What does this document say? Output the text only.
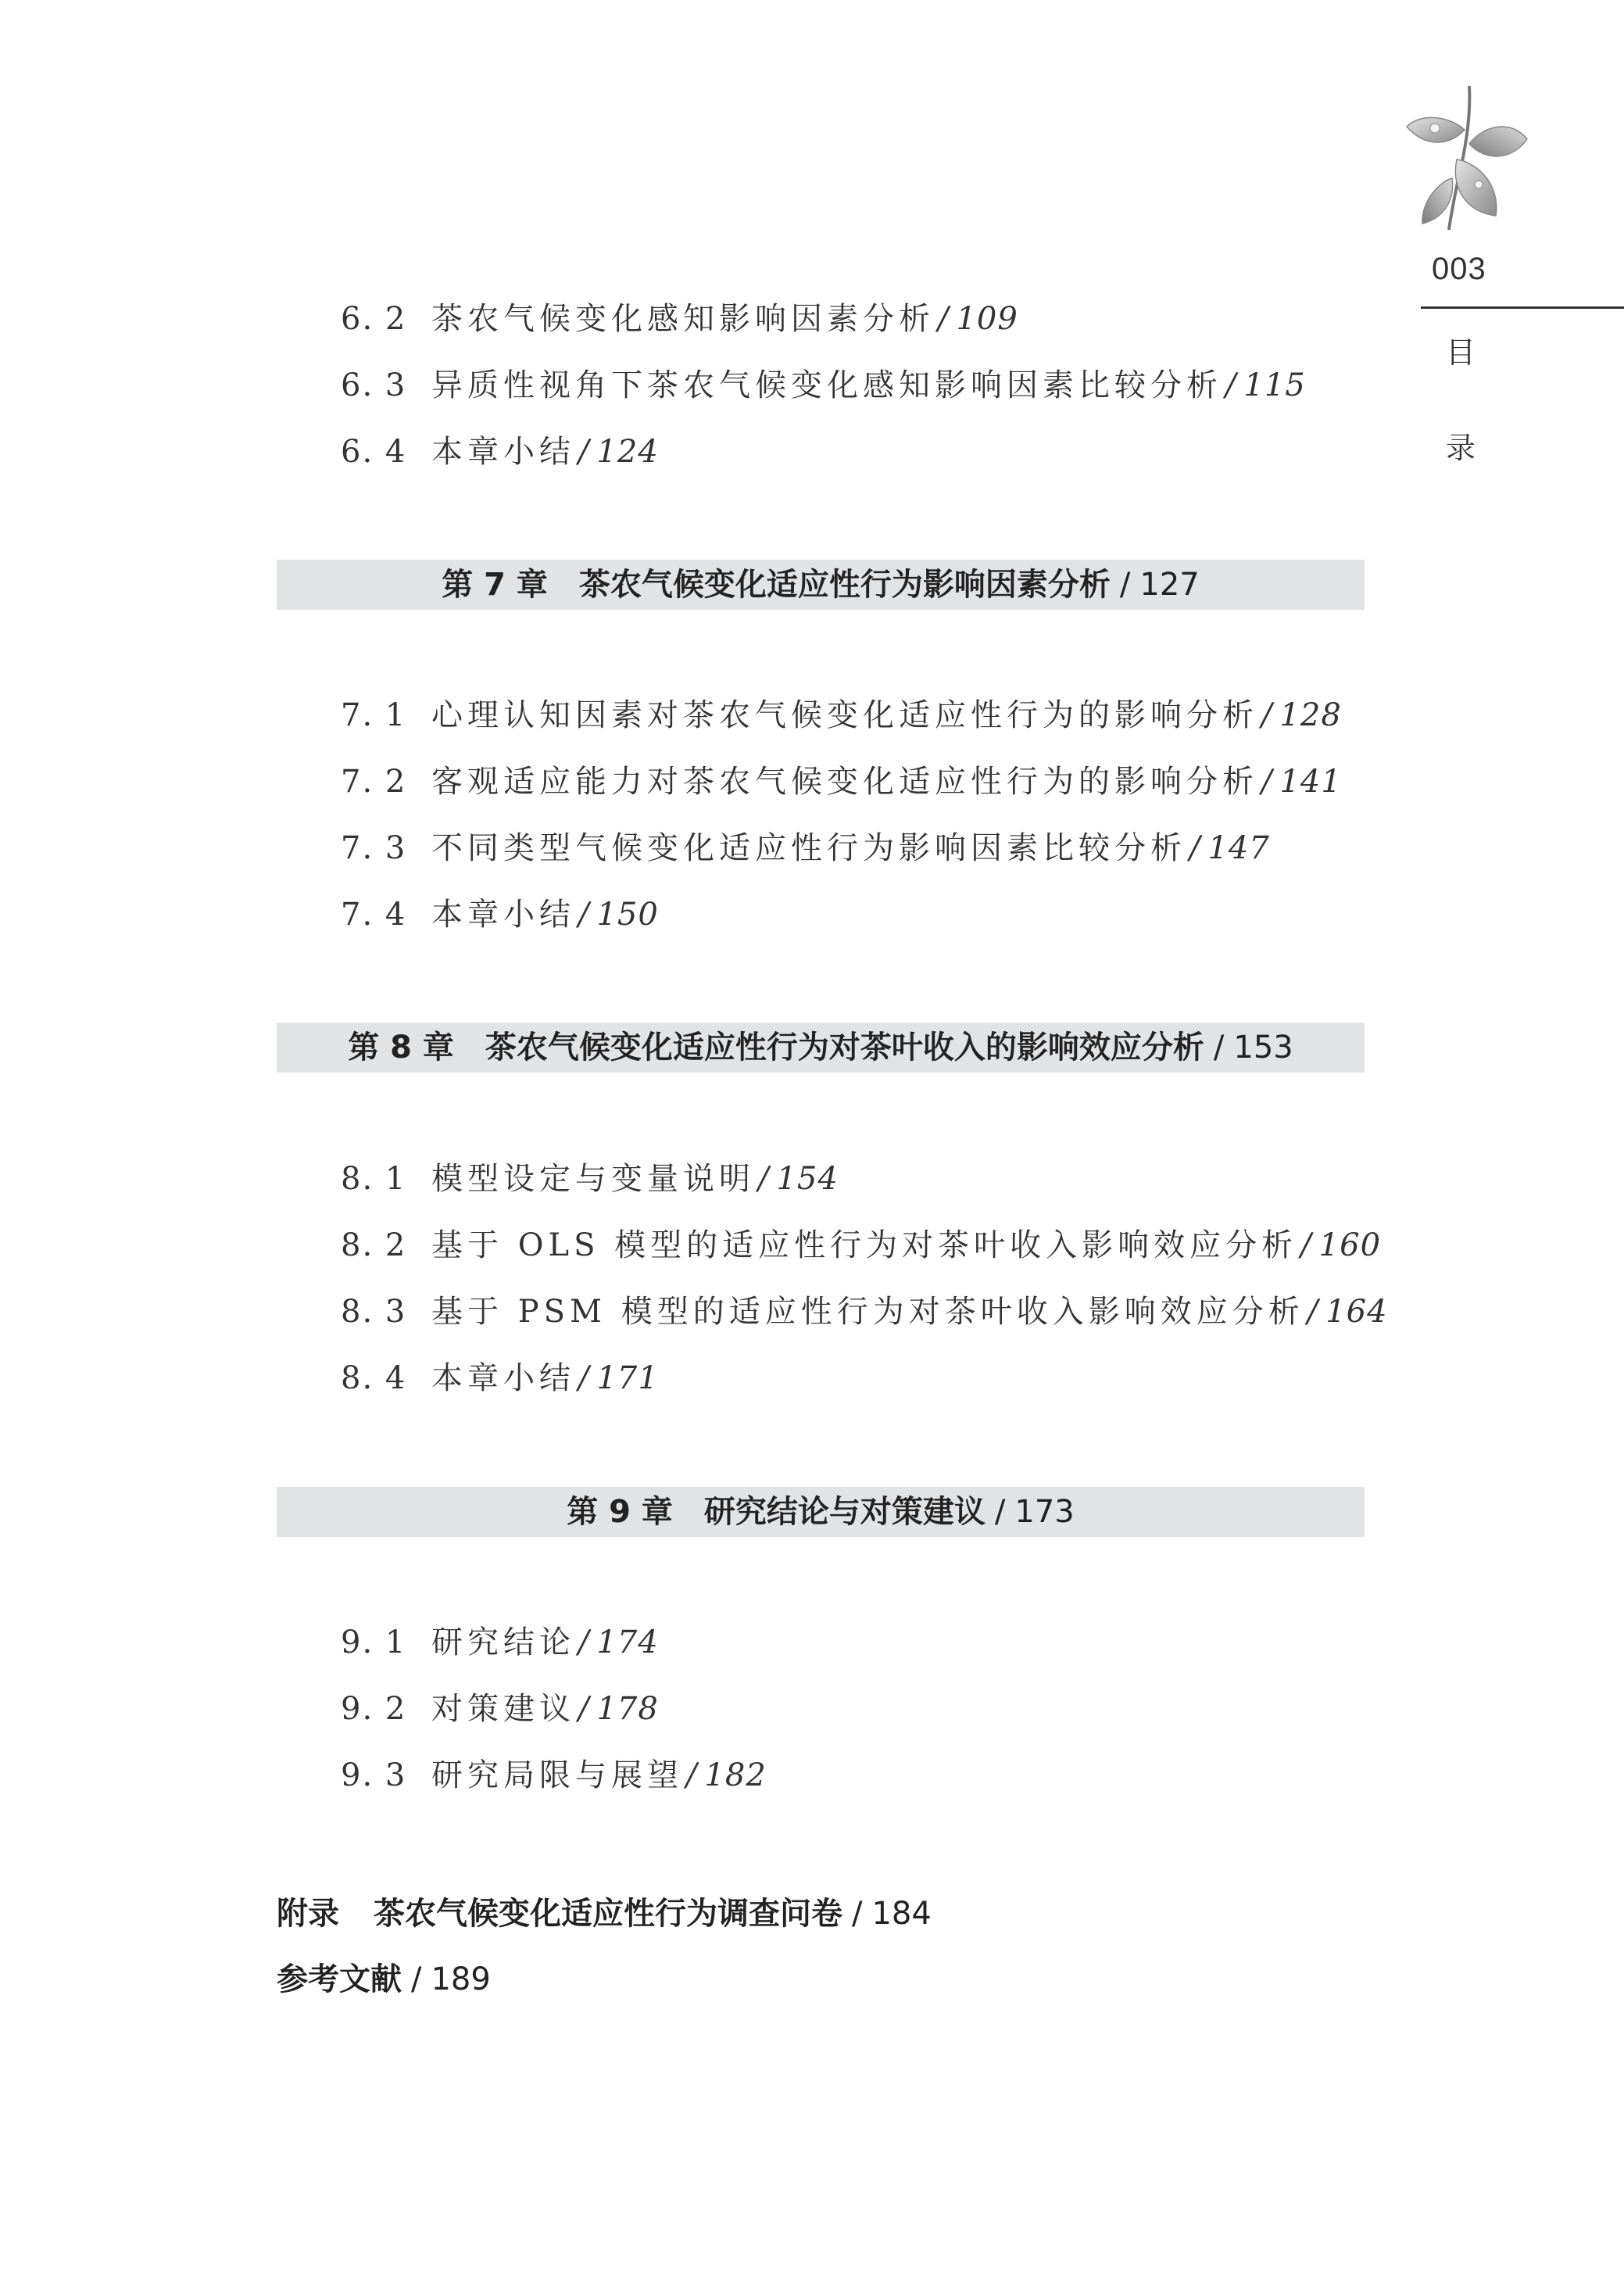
003
目
录
6. 2 茶农气候变化感知影响因素分析 / 109
6. 3 异质性视角下茶农气候变化感知影响因素比较分析 / 115
6. 4 本章小结 / 124
第 7 章 茶农气候变化适应性行为影响因素分析 / 127
7. 1 心理认知因素对茶农气候变化适应性行为的影响分析 / 128
7. 2 客观适应能力对茶农气候变化适应性行为的影响分析 / 141
7. 3 不同类型气候变化适应性行为影响因素比较分析 / 147
7. 4 本章小结 / 150
第 8 章 茶农气候变化适应性行为对茶叶收入的影响效应分析 / 153
8. 1 模型设定与变量说明 / 154
8. 2 基于 OLS 模型的适应性行为对茶叶收入影响效应分析 / 160
8. 3 基于 PSM 模型的适应性行为对茶叶收入影响效应分析 / 164
8. 4 本章小结 / 171
第 9 章 研究结论与对策建议 / 173
9. 1 研究结论 / 174
9. 2 对策建议 / 178
9. 3 研究局限与展望 / 182
附录 茶农气候变化适应性行为调查问卷 / 184
参考文献 / 189
